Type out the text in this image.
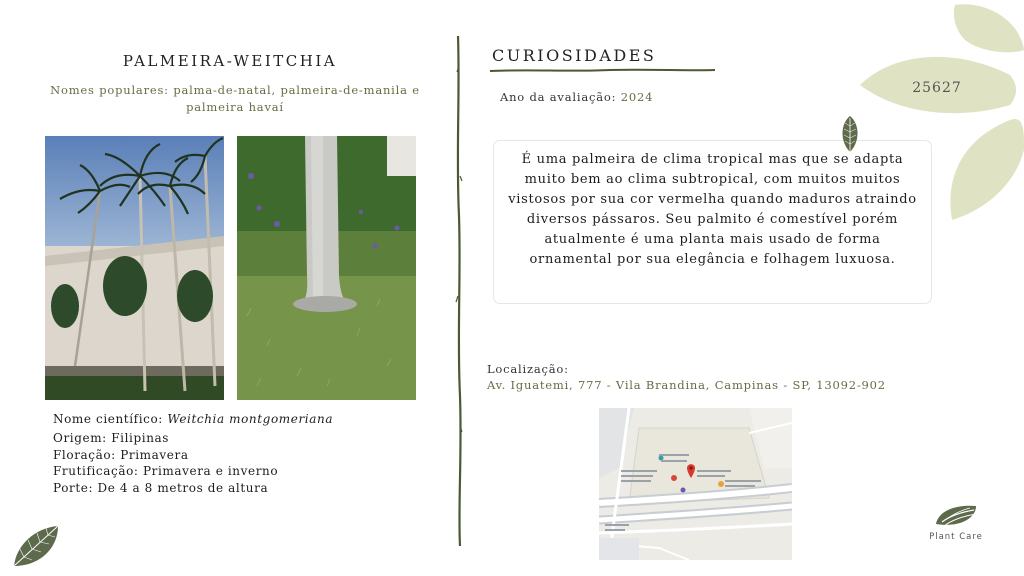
PALMEIRA-WEITCHIA
Nomes populares: palma-de-natal, palmeira-de-manila e palmeira havaí
Nome científico: Weitchia montgomeriana
Origem: Filipinas
Floração: Primavera
Frutificação: Primavera e inverno
Porte: De 4 a 8 metros de altura
CURIOSIDADES
Ano da avaliação: 2024
É uma palmeira de clima tropical mas que se adapta muito bem ao clima subtropical, com muitos muitos vistosos por sua cor vermelha quando maduros atraindo diversos pássaros. Seu palmito é comestível porém atualmente é uma planta mais usado de forma ornamental por sua elegância e folhagem luxuosa.
Localização:
Av. Iguatemi, 777 - Vila Brandina, Campinas - SP, 13092-902
25627
Plant Care
